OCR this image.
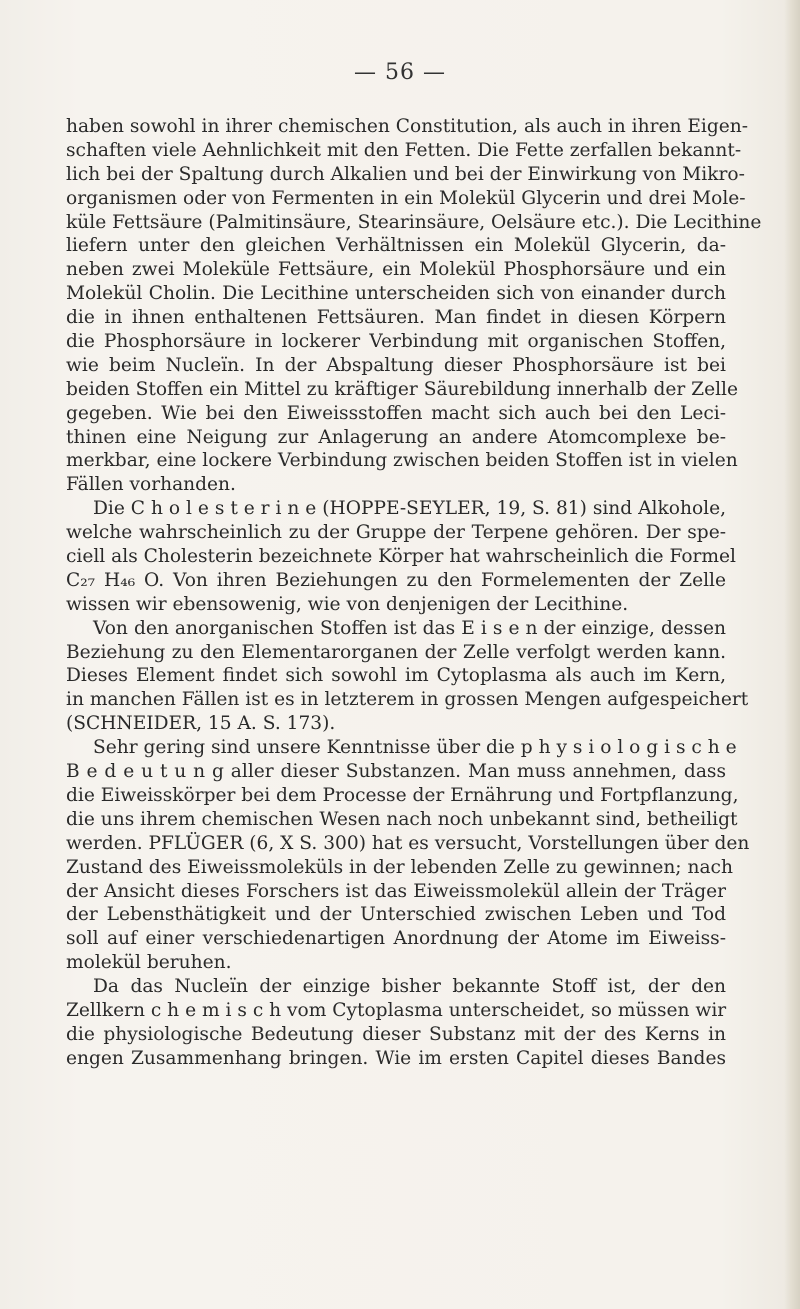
— 56 —
haben sowohl in ihrer chemischen Constitution, als auch in ihren Eigen-
schaften viele Aehnlichkeit mit den Fetten. Die Fette zerfallen bekannt-
lich bei der Spaltung durch Alkalien und bei der Einwirkung von Mikro-
organismen oder von Fermenten in ein Molekül Glycerin und drei Mole-
küle Fettsäure (Palmitinsäure, Stearinsäure, Oelsäure etc.). Die Lecithine
liefern unter den gleichen Verhältnissen ein Molekül Glycerin, da-
neben zwei Moleküle Fettsäure, ein Molekül Phosphorsäure und ein
Molekül Cholin. Die Lecithine unterscheiden sich von einander durch
die in ihnen enthaltenen Fettsäuren. Man findet in diesen Körpern
die Phosphorsäure in lockerer Verbindung mit organischen Stoffen,
wie beim Nucleïn. In der Abspaltung dieser Phosphorsäure ist bei
beiden Stoffen ein Mittel zu kräftiger Säurebildung innerhalb der Zelle
gegeben. Wie bei den Eiweissstoffen macht sich auch bei den Leci-
thinen eine Neigung zur Anlagerung an andere Atomcomplexe be-
merkbar, eine lockere Verbindung zwischen beiden Stoffen ist in vielen
Fällen vorhanden.
Die C h o l e s t e r i n e (HOPPE-SEYLER, 19, S. 81) sind Alkohole,
welche wahrscheinlich zu der Gruppe der Terpene gehören. Der spe-
ciell als Cholesterin bezeichnete Körper hat wahrscheinlich die Formel
C₂₇ H₄₆ O. Von ihren Beziehungen zu den Formelementen der Zelle
wissen wir ebensowenig, wie von denjenigen der Lecithine.
Von den anorganischen Stoffen ist das E i s e n der einzige, dessen
Beziehung zu den Elementarorganen der Zelle verfolgt werden kann.
Dieses Element findet sich sowohl im Cytoplasma als auch im Kern,
in manchen Fällen ist es in letzterem in grossen Mengen aufgespeichert
(SCHNEIDER, 15 A. S. 173).
Sehr gering sind unsere Kenntnisse über die p h y s i o l o g i s c h e
B e d e u t u n g aller dieser Substanzen. Man muss annehmen, dass
die Eiweisskörper bei dem Processe der Ernährung und Fortpflanzung,
die uns ihrem chemischen Wesen nach noch unbekannt sind, betheiligt
werden. PFLÜGER (6, X S. 300) hat es versucht, Vorstellungen über den
Zustand des Eiweissmoleküls in der lebenden Zelle zu gewinnen; nach
der Ansicht dieses Forschers ist das Eiweissmolekül allein der Träger
der Lebensthätigkeit und der Unterschied zwischen Leben und Tod
soll auf einer verschiedenartigen Anordnung der Atome im Eiweiss-
molekül beruhen.
Da das Nucleïn der einzige bisher bekannte Stoff ist, der den
Zellkern c h e m i s c h vom Cytoplasma unterscheidet, so müssen wir
die physiologische Bedeutung dieser Substanz mit der des Kerns in
engen Zusammenhang bringen. Wie im ersten Capitel dieses Bandes
